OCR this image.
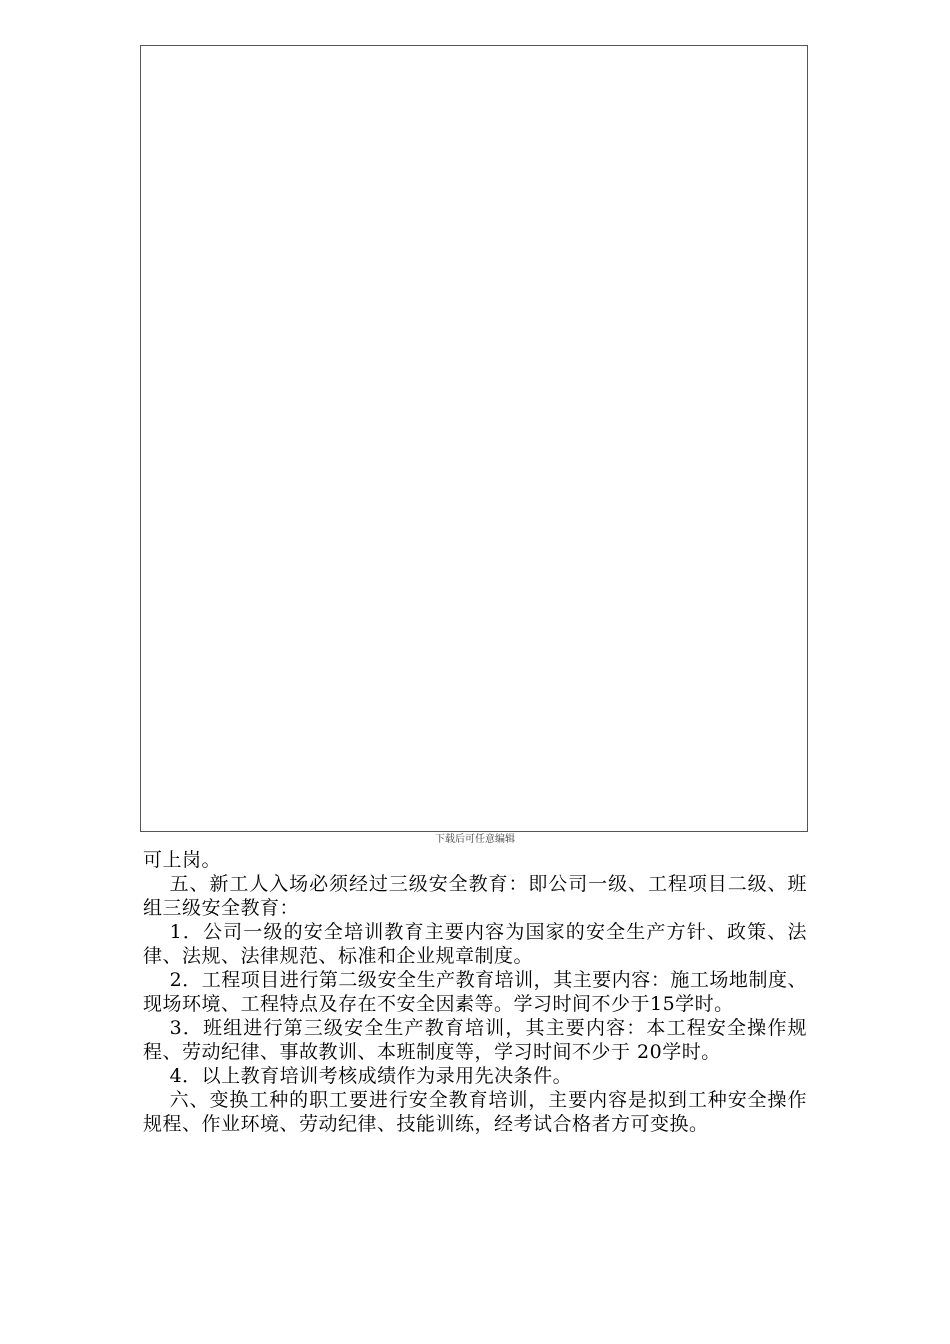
下载后可任意编辑

可上岗。

五、新工人入场必须经过三级安全教育：即公司一级、工程项目二级、班组三级安全教育：

1．公司一级的安全培训教育主要内容为国家的安全生产方针、政策、法律、法规、法律规范、标准和企业规章制度。

2．工程项目进行第二级安全生产教育培训，其主要内容：施工场地制度、现场环境、工程特点及存在不安全因素等。学习时间不少于15学时。

3．班组进行第三级安全生产教育培训，其主要内容：本工程安全操作规程、劳动纪律、事故教训、本班制度等，学习时间不少于 20学时。

4．以上教育培训考核成绩作为录用先决条件。

六、变换工种的职工要进行安全教育培训，主要内容是拟到工种安全操作规程、作业环境、劳动纪律、技能训练，经考试合格者方可变换。
